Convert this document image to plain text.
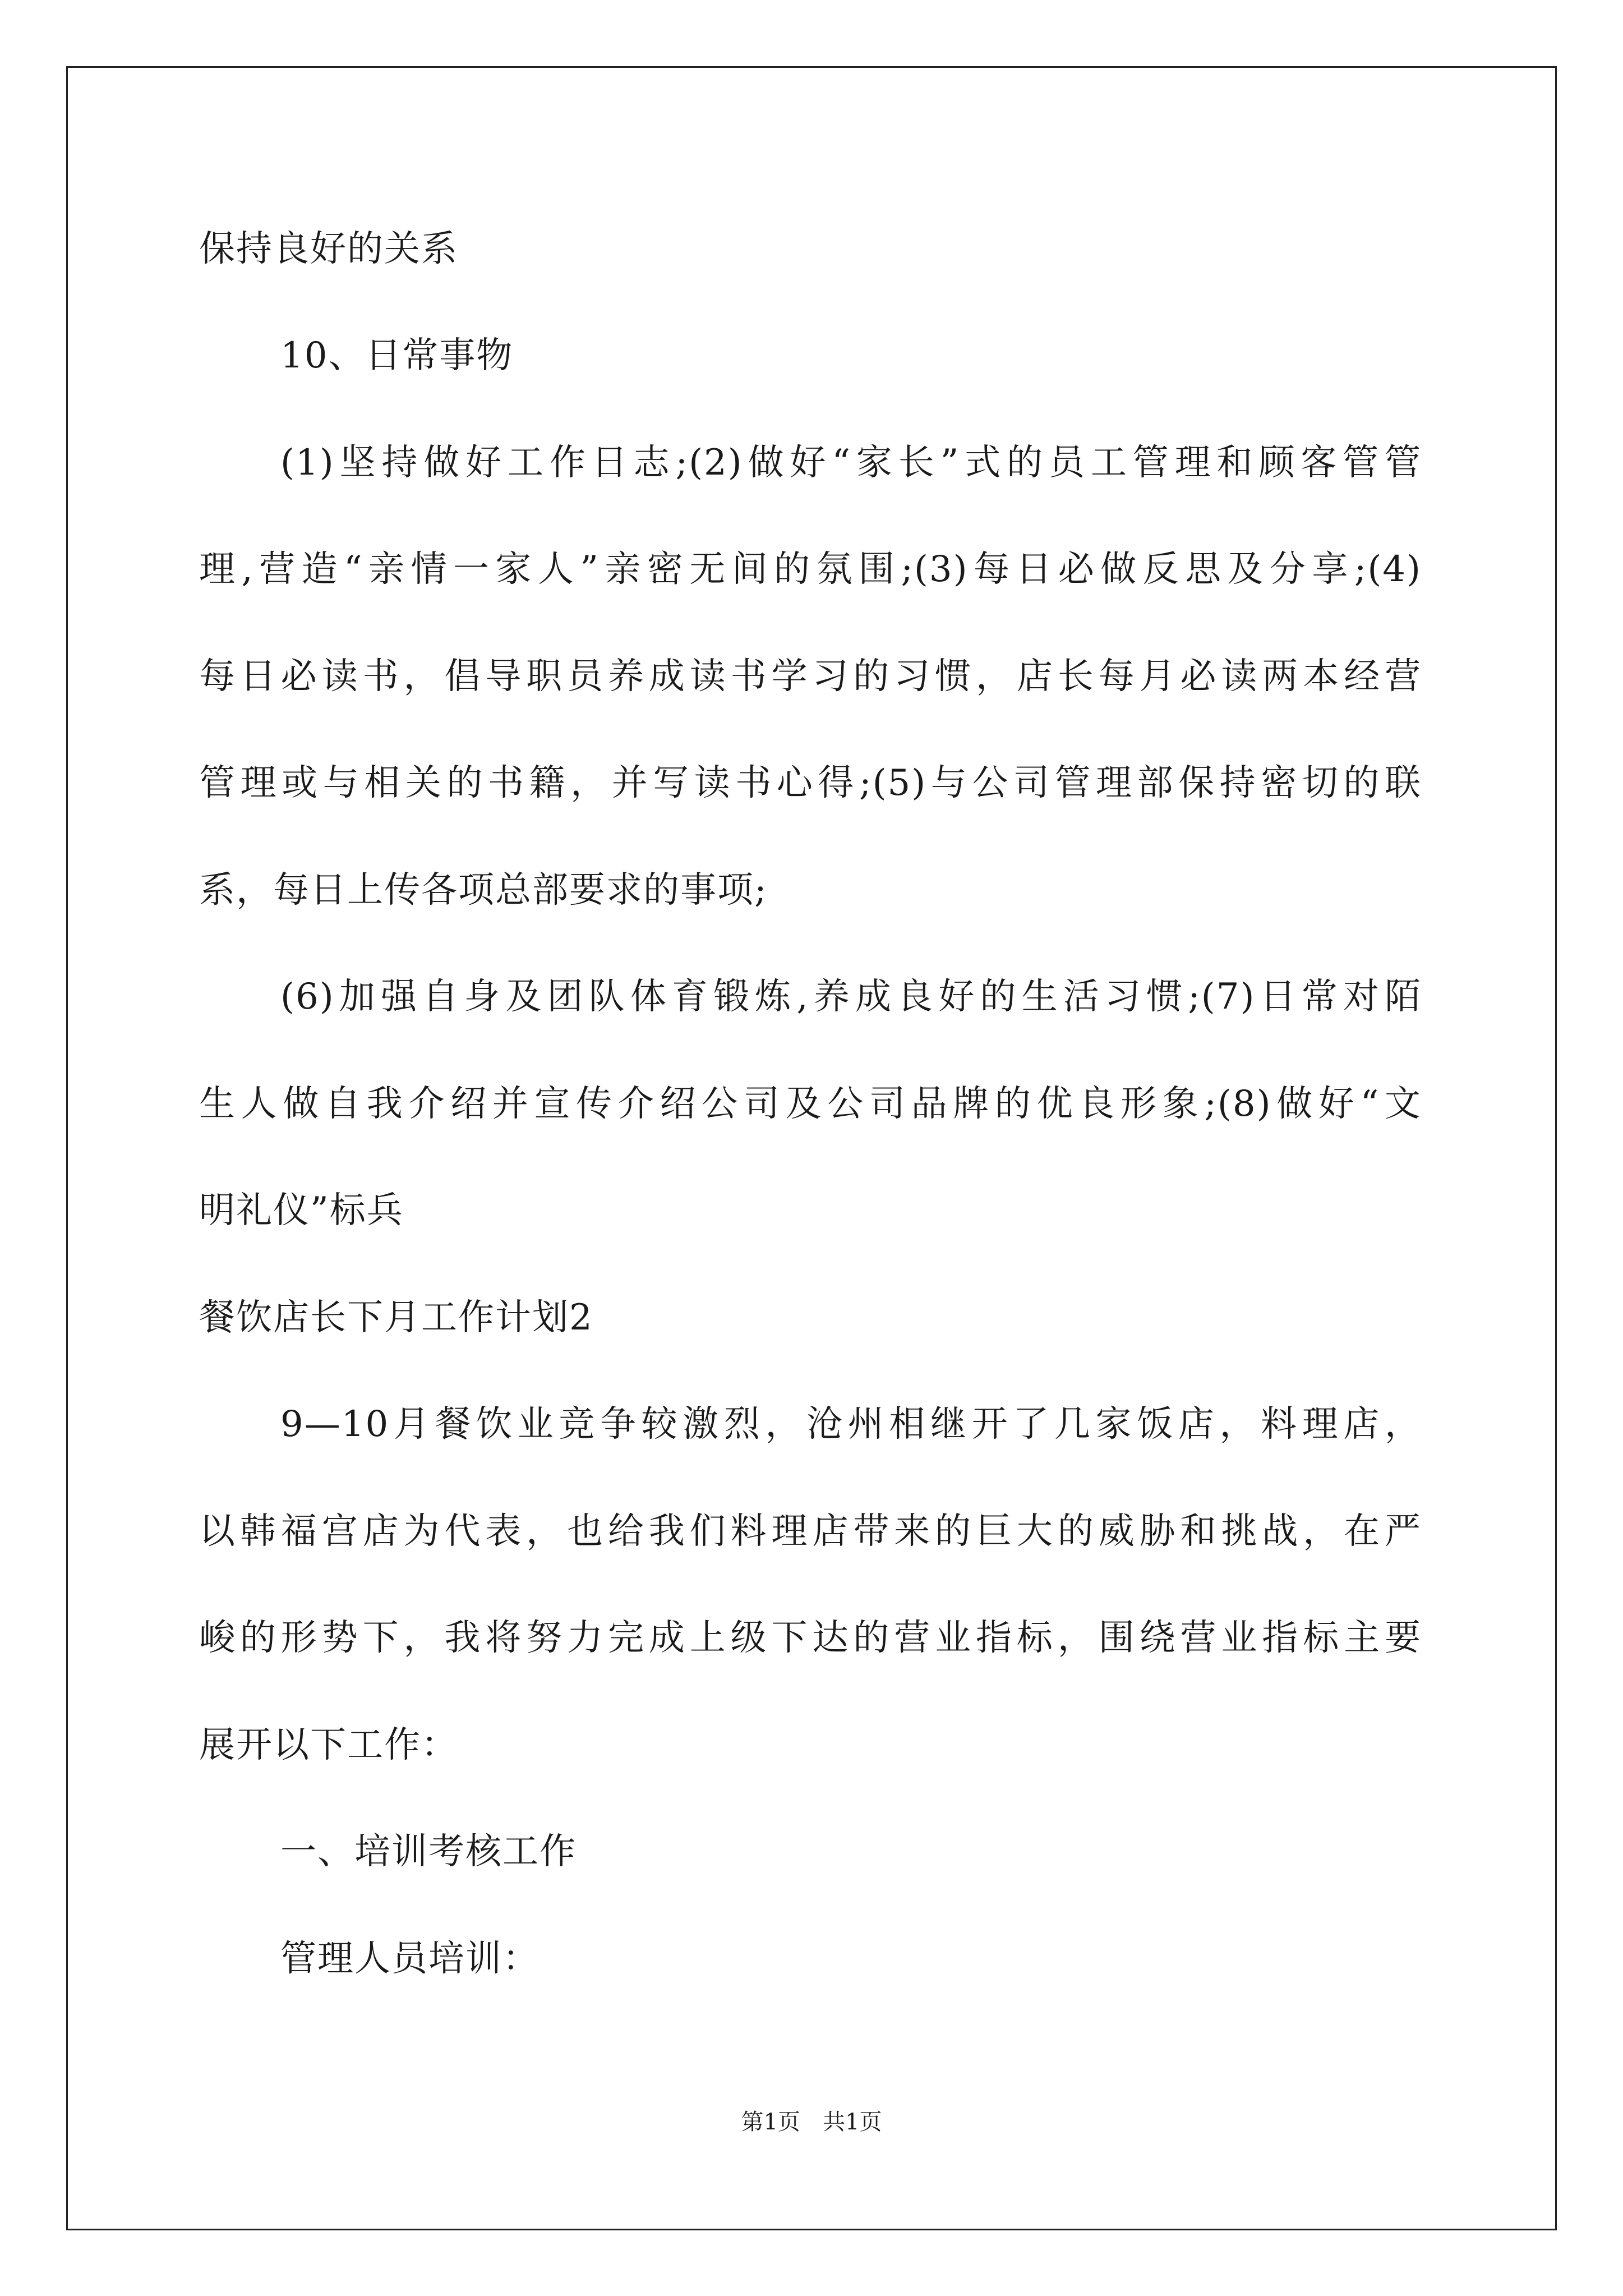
保持良好的关系
10、日常事物
(1)坚持做好工作日志;(2)做好“家长”式的员工管理和顾客管管
理,营造“亲情一家人”亲密无间的氛围;(3)每日必做反思及分享;(4)
每日必读书，倡导职员养成读书学习的习惯，店长每月必读两本经营
管理或与相关的书籍，并写读书心得;(5)与公司管理部保持密切的联
系，每日上传各项总部要求的事项;
(6)加强自身及团队体育锻炼,养成良好的生活习惯;(7)日常对陌
生人做自我介绍并宣传介绍公司及公司品牌的优良形象;(8)做好“文
明礼仪”标兵
餐饮店长下月工作计划2
9—10月餐饮业竞争较激烈，沧州相继开了几家饭店，料理店，
以韩福宫店为代表，也给我们料理店带来的巨大的威胁和挑战，在严
峻的形势下，我将努力完成上级下达的营业指标，围绕营业指标主要
展开以下工作：
一、培训考核工作
管理人员培训：
第1页　共1页
